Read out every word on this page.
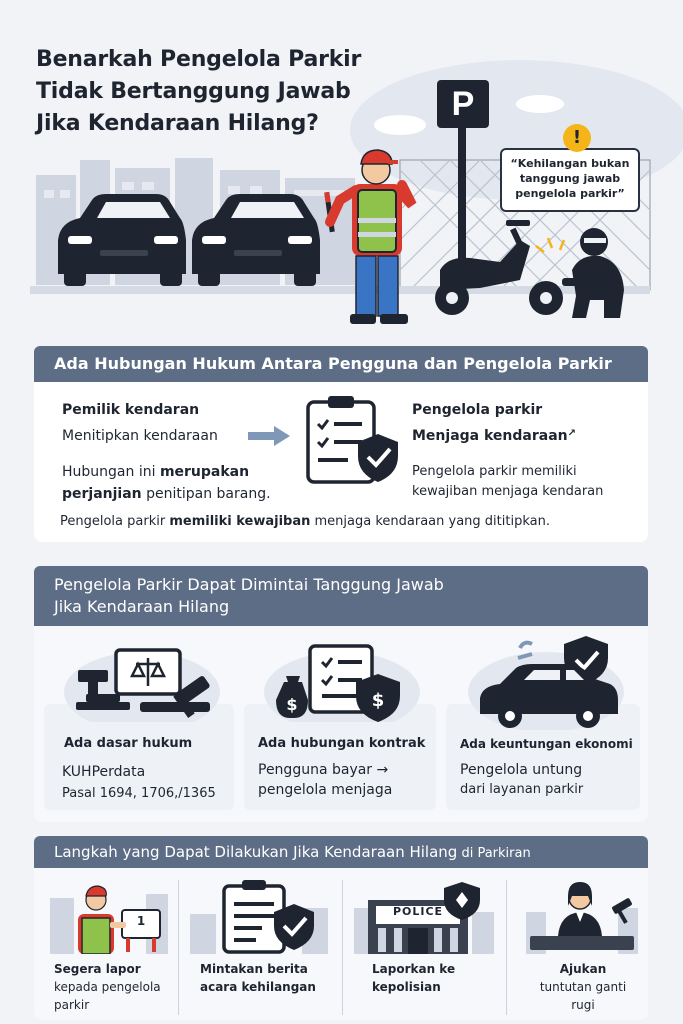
Benarkah Pengelola Parkir
Tidak Bertanggung Jawab
Jika Kendaraan Hilang?
P
“Kehilangan bukan
tanggung jawab
pengelola parkir”
!
Ada Hubungan Hukum Antara Pengguna dan Pengelola Parkir
Pemilik kendaran
Menitipkan kendaraan
Hubungan ini merupakan
perjanjian penitipan barang.
Pengelola parkir
Menjaga kendaraan↗
Pengelola parkir memiliki
kewajiban menjaga kendaran
Pengelola parkir memiliki kewajiban menjaga kendaraan yang dititipkan.
Pengelola Parkir Dapat Dimintai Tanggung Jawab
Jika Kendaraan Hilang
$	$
Ada dasar hukum
KUHPerdata
Pasal 1694, 1706,/1365
Ada hubungan kontrak
Pengguna bayar →
pengelola menjaga
Ada keuntungan ekonomi
Pengelola untung
dari layanan parkir
Langkah yang Dapat Dilakukan Jika Kendaraan Hilang di Parkiran
1
POLICE
Segera lapor
kepada pengelola
parkir
Mintakan berita
acara kehilangan
Laporkan ke
kepolisian
Ajukan
tuntutan ganti
rugi
